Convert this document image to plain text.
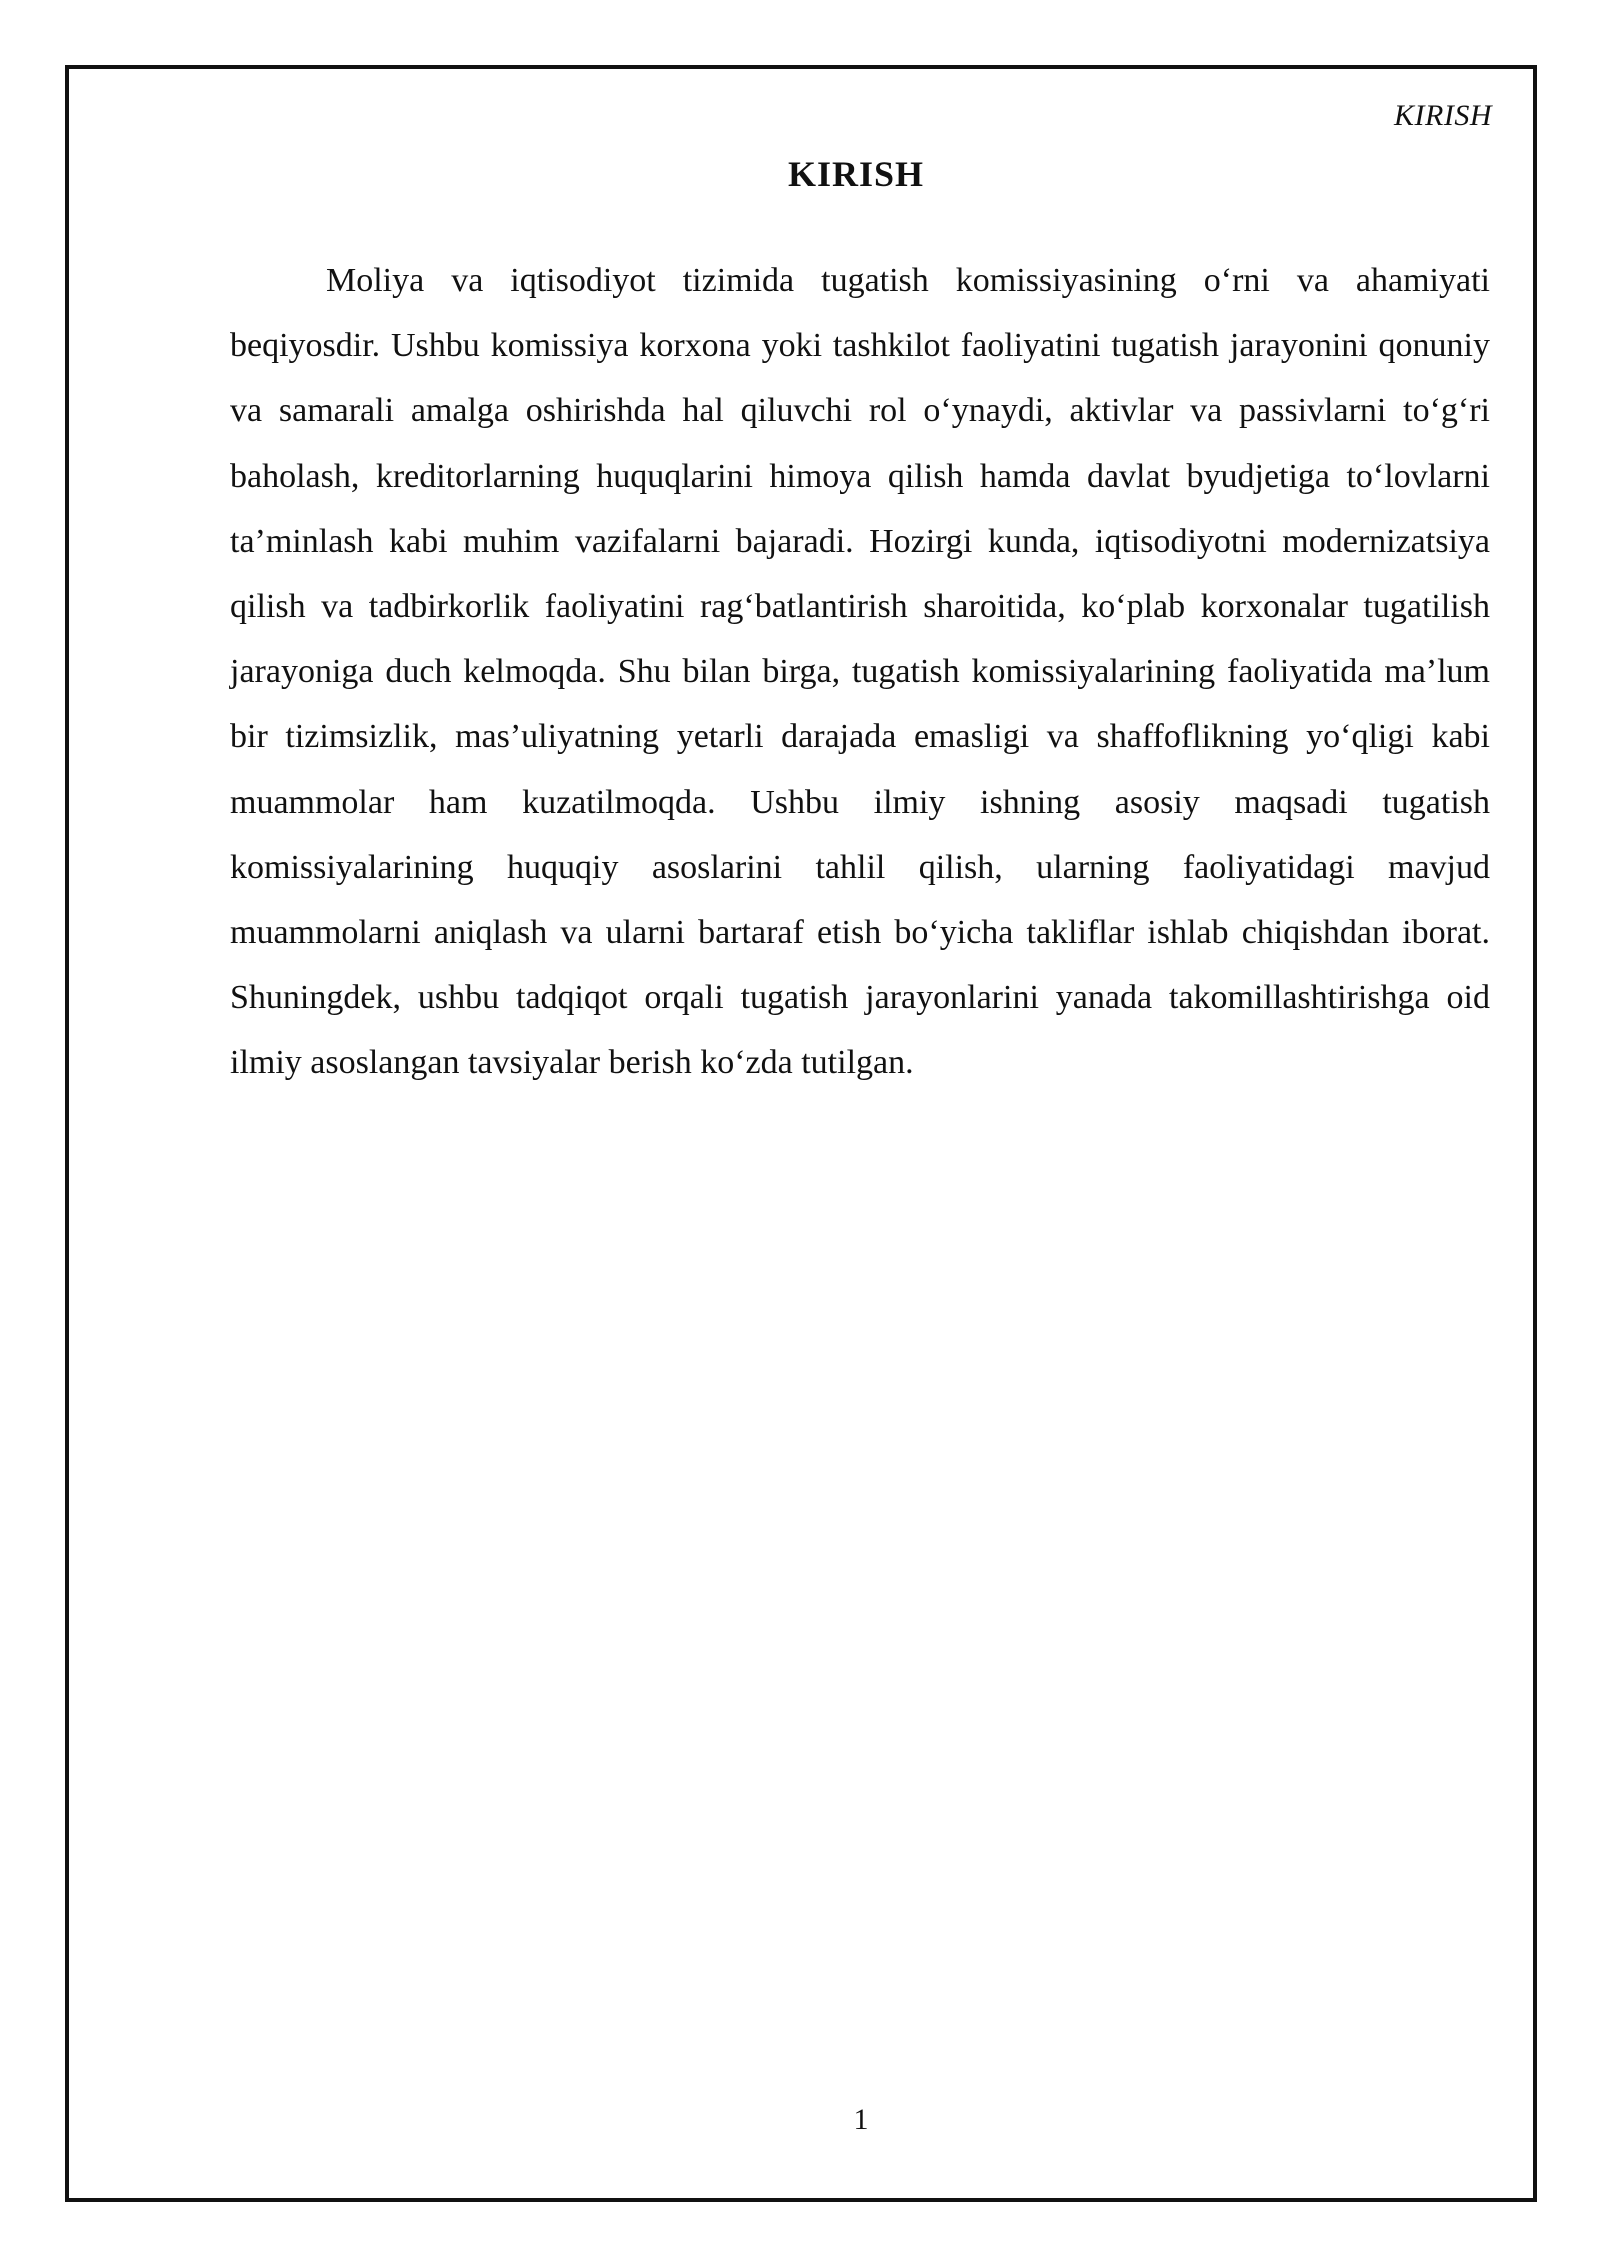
KIRISH
KIRISH

Moliya va iqtisodiyot tizimida tugatish komissiyasining o‘rni va ahamiyati beqiyosdir. Ushbu komissiya korxona yoki tashkilot faoliyatini tugatish jarayonini qonuniy va samarali amalga oshirishda hal qiluvchi rol o‘ynaydi, aktivlar va passivlarni to‘g‘ri baholash, kreditorlarning huquqlarini himoya qilish hamda davlat byudjetiga to‘lovlarni ta’minlash kabi muhim vazifalarni bajaradi. Hozirgi kunda, iqtisodiyotni modernizatsiya qilish va tadbirkorlik faoliyatini rag‘batlantirish sharoitida, ko‘plab korxonalar tugatilish jarayoniga duch kelmoqda. Shu bilan birga, tugatish komissiyalarining faoliyatida ma’lum bir tizimsizlik, mas’uliyatning yetarli darajada emasligi va shaffoflikning yo‘qligi kabi muammolar ham kuzatilmoqda. Ushbu ilmiy ishning asosiy maqsadi tugatish komissiyalarining huquqiy asoslarini tahlil qilish, ularning faoliyatidagi mavjud muammolarni aniqlash va ularni bartaraf etish bo‘yicha takliflar ishlab chiqishdan iborat. Shuningdek, ushbu tadqiqot orqali tugatish jarayonlarini yanada takomillashtirishga oid ilmiy asoslangan tavsiyalar berish ko‘zda tutilgan.

1
